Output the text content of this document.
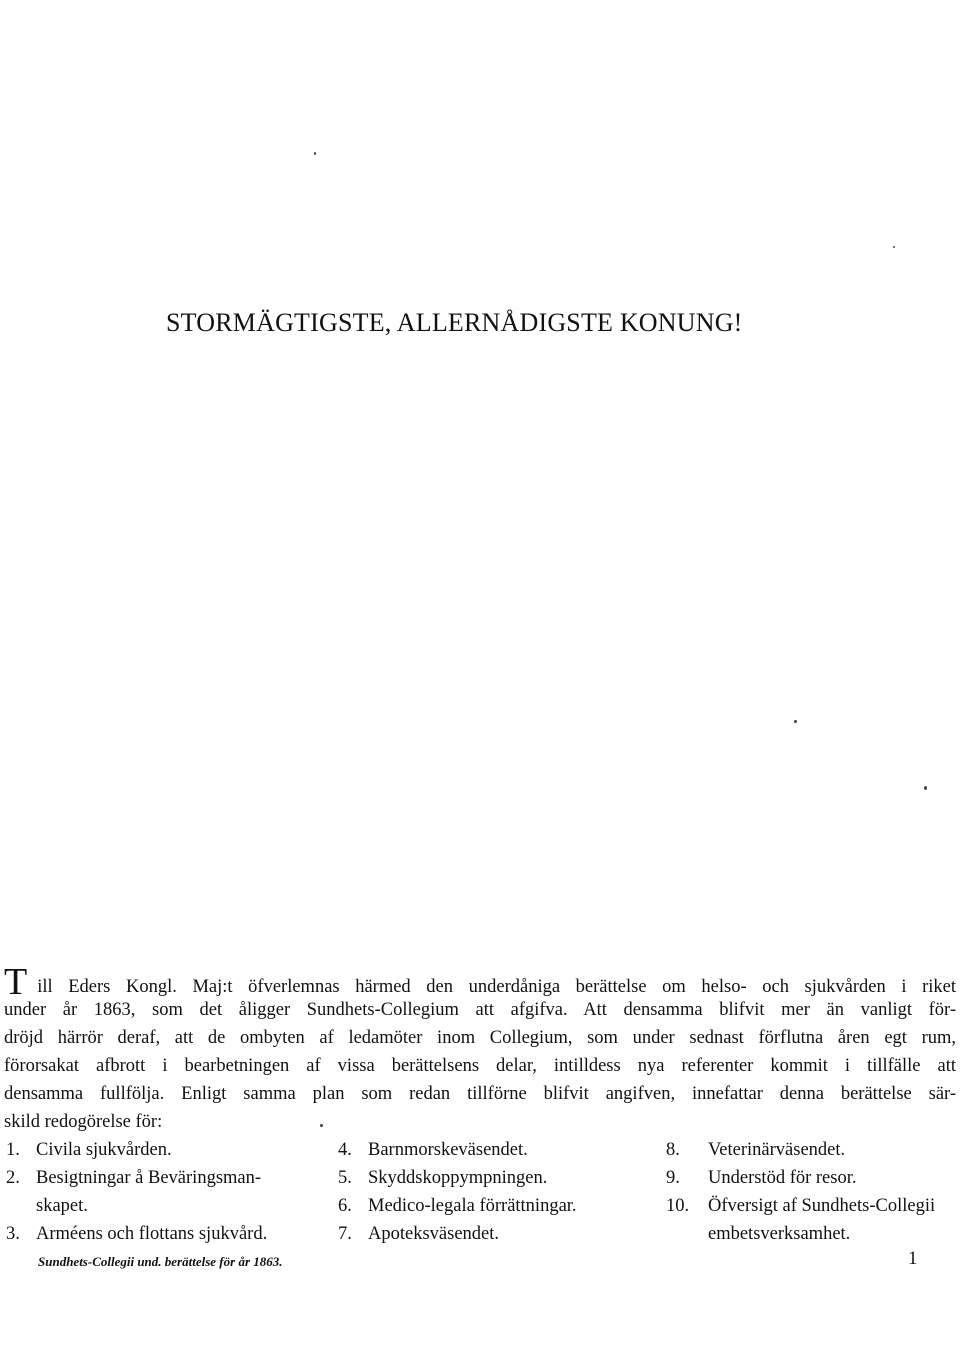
STORMÄGTIGSTE, ALLERNÅDIGSTE KONUNG!
Till Eders Kongl. Maj:t öfverlemnas härmed den underdåniga berättelse om helso- och sjukvården i riket
under år 1863, som det åligger Sundhets-Collegium att afgifva. Att densamma blifvit mer än vanligt för-
dröjd härrör deraf, att de ombyten af ledamöter inom Collegium, som under sednast förflutna åren egt rum,
förorsakat afbrott i bearbetningen af vissa berättelsens delar, intilldess nya referenter kommit i tillfälle att
densamma fullfölja. Enligt samma plan som redan tillförne blifvit angifven, innefattar denna berättelse sär-
skild redogörelse för:
1. Civila sjukvården.
2. Besigtningar å Beväringsman-
skapet.
3. Arméens och flottans sjukvård.
4. Barnmorskeväsendet.
5. Skyddskoppympningen.
6. Medico-legala förrättningar.
7. Apoteksväsendet.
8. Veterinärväsendet.
9. Understöd för resor.
10. Öfversigt af Sundhets-Collegii
embetsverksamhet.
Sundhets-Collegii und. berättelse för år 1863.	1
